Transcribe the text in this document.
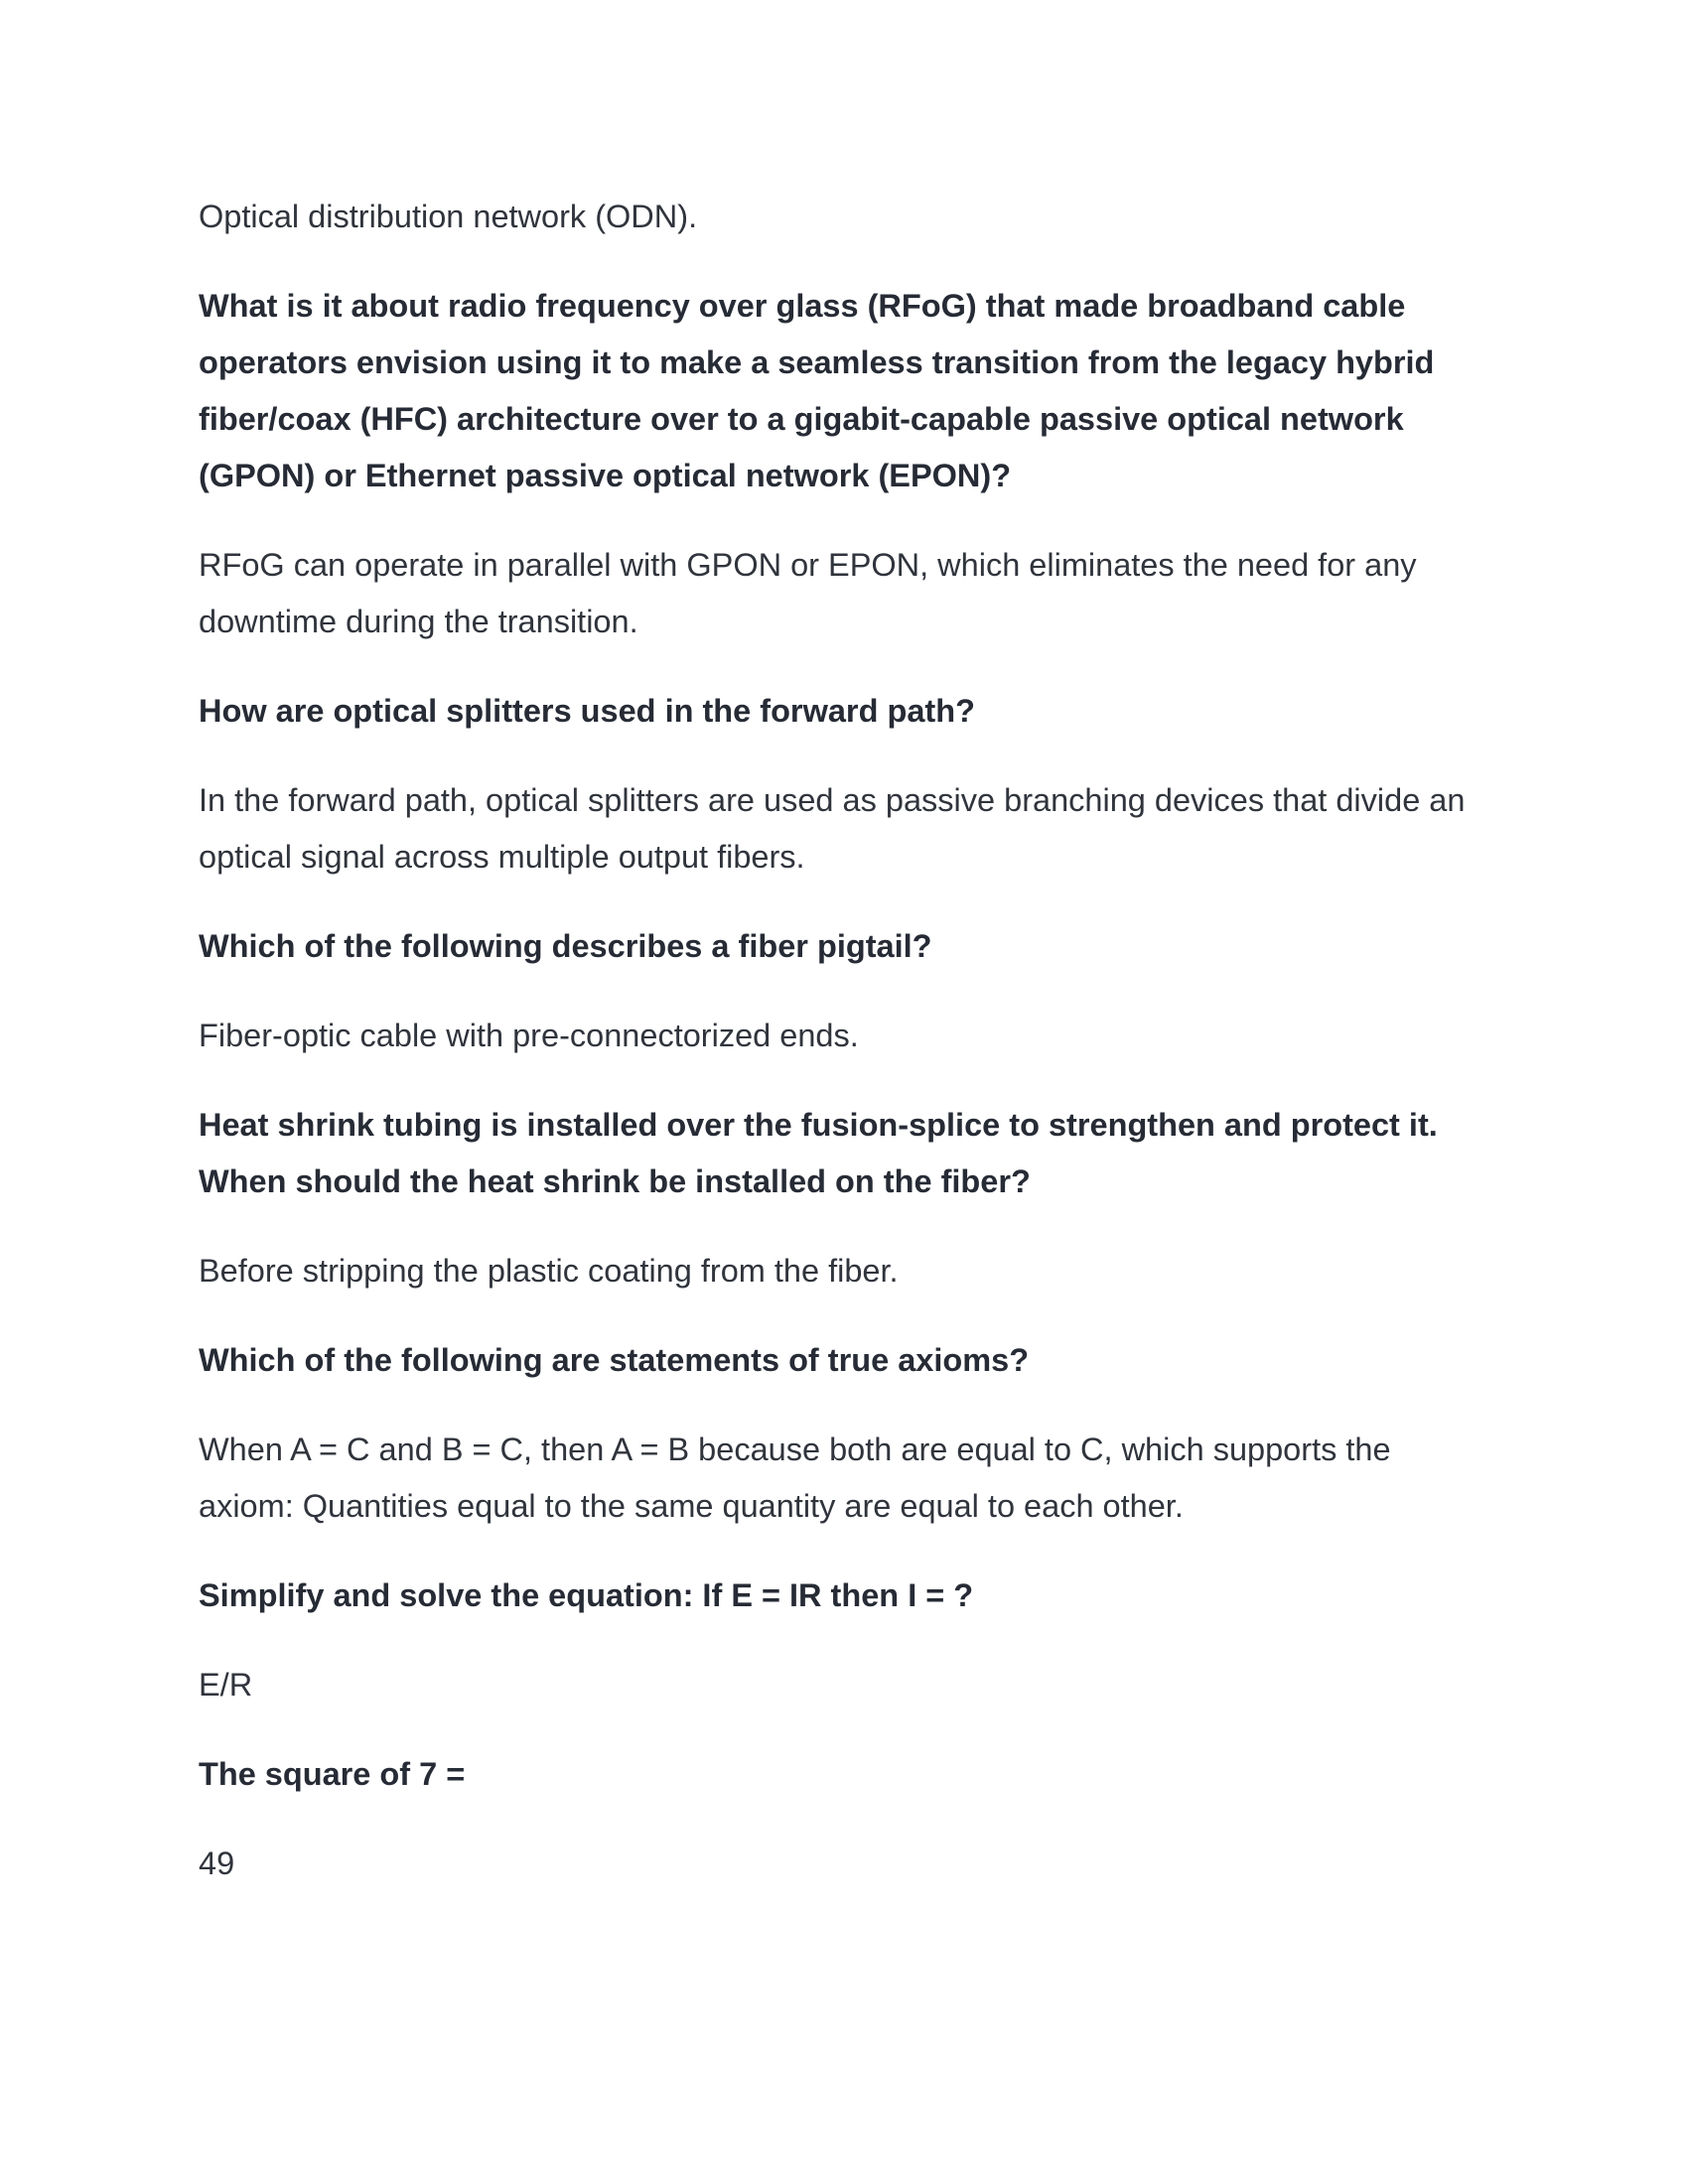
Optical distribution network (ODN).

What is it about radio frequency over glass (RFoG) that made broadband cable operators envision using it to make a seamless transition from the legacy hybrid fiber/coax (HFC) architecture over to a gigabit-capable passive optical network (GPON) or Ethernet passive optical network (EPON)?

RFoG can operate in parallel with GPON or EPON, which eliminates the need for any downtime during the transition.

How are optical splitters used in the forward path?

In the forward path, optical splitters are used as passive branching devices that divide an optical signal across multiple output fibers.

Which of the following describes a fiber pigtail?

Fiber-optic cable with pre-connectorized ends.

Heat shrink tubing is installed over the fusion-splice to strengthen and protect it. When should the heat shrink be installed on the fiber?

Before stripping the plastic coating from the fiber.

Which of the following are statements of true axioms?

When A = C and B = C, then A = B because both are equal to C, which supports the axiom: Quantities equal to the same quantity are equal to each other.

Simplify and solve the equation: If E = IR then I = ?

E/R

The square of 7 =

49
